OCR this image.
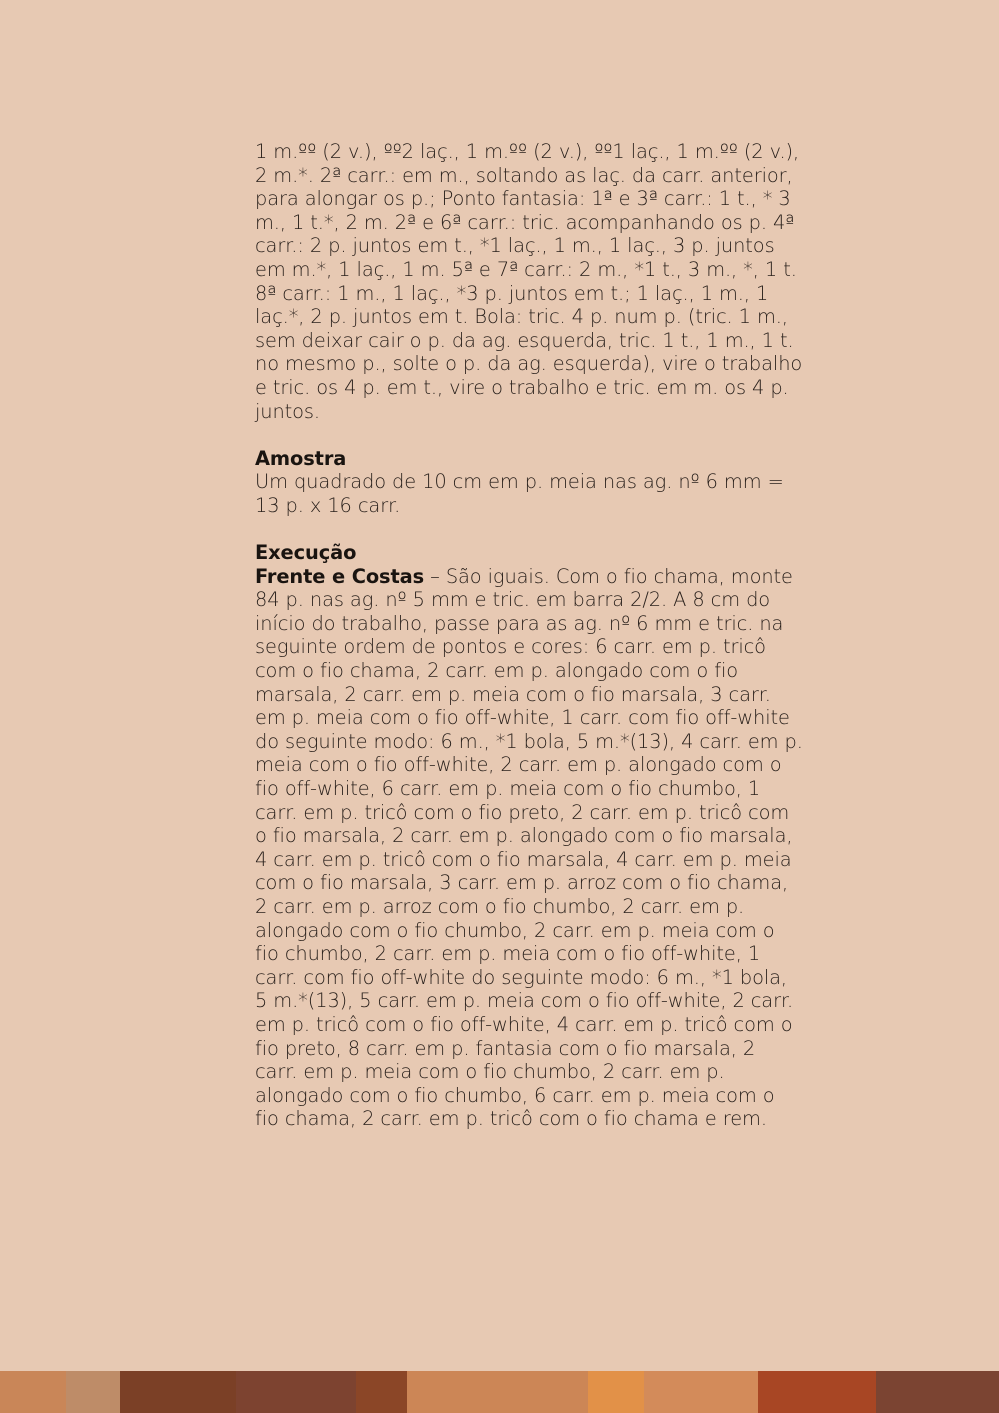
1 m.ºº (2 v.), ºº2 laç., 1 m.ºº (2 v.), ºº1 laç., 1 m.ºº (2 v.), 2 m.*. 2ª carr.: em m., soltando as laç. da carr. anterior, para alongar os p.; Ponto fantasia: 1ª e 3ª carr.: 1 t., * 3 m., 1 t.*, 2 m. 2ª e 6ª carr.: tric. acompanhando os p. 4ª carr.: 2 p. juntos em t., *1 laç., 1 m., 1 laç., 3 p. juntos em m.*, 1 laç., 1 m. 5ª e 7ª carr.: 2 m., *1 t., 3 m., *, 1 t. 8ª carr.: 1 m., 1 laç., *3 p. juntos em t.; 1 laç., 1 m., 1 laç.*, 2 p. juntos em t. Bola: tric. 4 p. num p. (tric. 1 m., sem deixar cair o p. da ag. esquerda, tric. 1 t., 1 m., 1 t. no mesmo p., solte o p. da ag. esquerda), vire o trabalho e tric. os 4 p. em t., vire o trabalho e tric. em m. os 4 p. juntos.

Amostra

Um quadrado de 10 cm em p. meia nas ag. nº 6 mm = 13 p. x 16 carr.

Execução

Frente e Costas – São iguais. Com o fio chama, monte 84 p. nas ag. nº 5 mm e tric. em barra 2/2. A 8 cm do início do trabalho, passe para as ag. nº 6 mm e tric. na seguinte ordem de pontos e cores: 6 carr. em p. tricô com o fio chama, 2 carr. em p. alongado com o fio marsala, 2 carr. em p. meia com o fio marsala, 3 carr. em p. meia com o fio off-white, 1 carr. com fio off-white do seguinte modo: 6 m., *1 bola, 5 m.*(13), 4 carr. em p. meia com o fio off-white, 2 carr. em p. alongado com o fio off-white, 6 carr. em p. meia com o fio chumbo, 1 carr. em p. tricô com o fio preto, 2 carr. em p. tricô com o fio marsala, 2 carr. em p. alongado com o fio marsala, 4 carr. em p. tricô com o fio marsala, 4 carr. em p. meia com o fio marsala, 3 carr. em p. arroz com o fio chama, 2 carr. em p. arroz com o fio chumbo, 2 carr. em p. alongado com o fio chumbo, 2 carr. em p. meia com o fio chumbo, 2 carr. em p. meia com o fio off-white, 1 carr. com fio off-white do seguinte modo: 6 m., *1 bola, 5 m.*(13), 5 carr. em p. meia com o fio off-white, 2 carr. em p. tricô com o fio off-white, 4 carr. em p. tricô com o fio preto, 8 carr. em p. fantasia com o fio marsala, 2 carr. em p. meia com o fio chumbo, 2 carr. em p. alongado com o fio chumbo, 6 carr. em p. meia com o fio chama, 2 carr. em p. tricô com o fio chama e rem.
